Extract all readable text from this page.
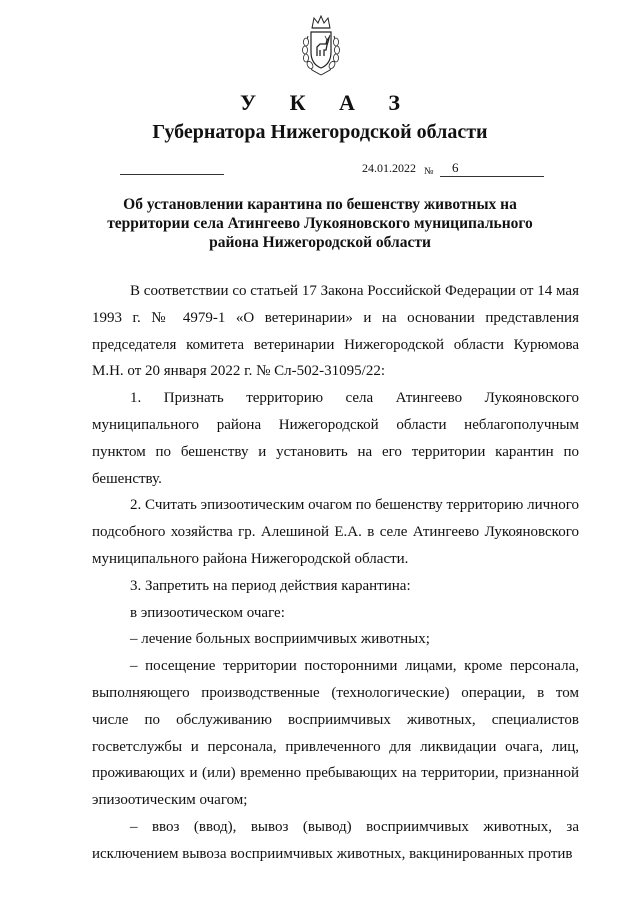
У К А З
Губернатора Нижегородской области
24.01.2022 № 6
Об установлении карантина по бешенству животных на
территории села Атингеево Лукояновского муниципального
района Нижегородской области

В соответствии со статьей 17 Закона Российской Федерации от 14 мая 1993 г. № 4979-1 «О ветеринарии» и на основании представления председателя комитета ветеринарии Нижегородской области Курюмова М.Н. от 20 января 2022 г. № Сл-502-31095/22:

1. Признать территорию села Атингеево Лукояновского муниципального района Нижегородской области неблагополучным пунктом по бешенству и установить на его территории карантин по бешенству.

2. Считать эпизоотическим очагом по бешенству территорию личного подсобного хозяйства гр. Алешиной Е.А. в селе Атингеево Лукояновского муниципального района Нижегородской области.

3. Запретить на период действия карантина:

в эпизоотическом очаге:

– лечение больных восприимчивых животных;

– посещение территории посторонними лицами, кроме персонала, выполняющего производственные (технологические) операции, в том числе по обслуживанию восприимчивых животных, специалистов госветслужбы и персонала, привлеченного для ликвидации очага, лиц, проживающих и (или) временно пребывающих на территории, признанной эпизоотическим очагом;

– ввоз (ввод), вывоз (вывод) восприимчивых животных, за исключением вывоза восприимчивых животных, вакцинированных против
